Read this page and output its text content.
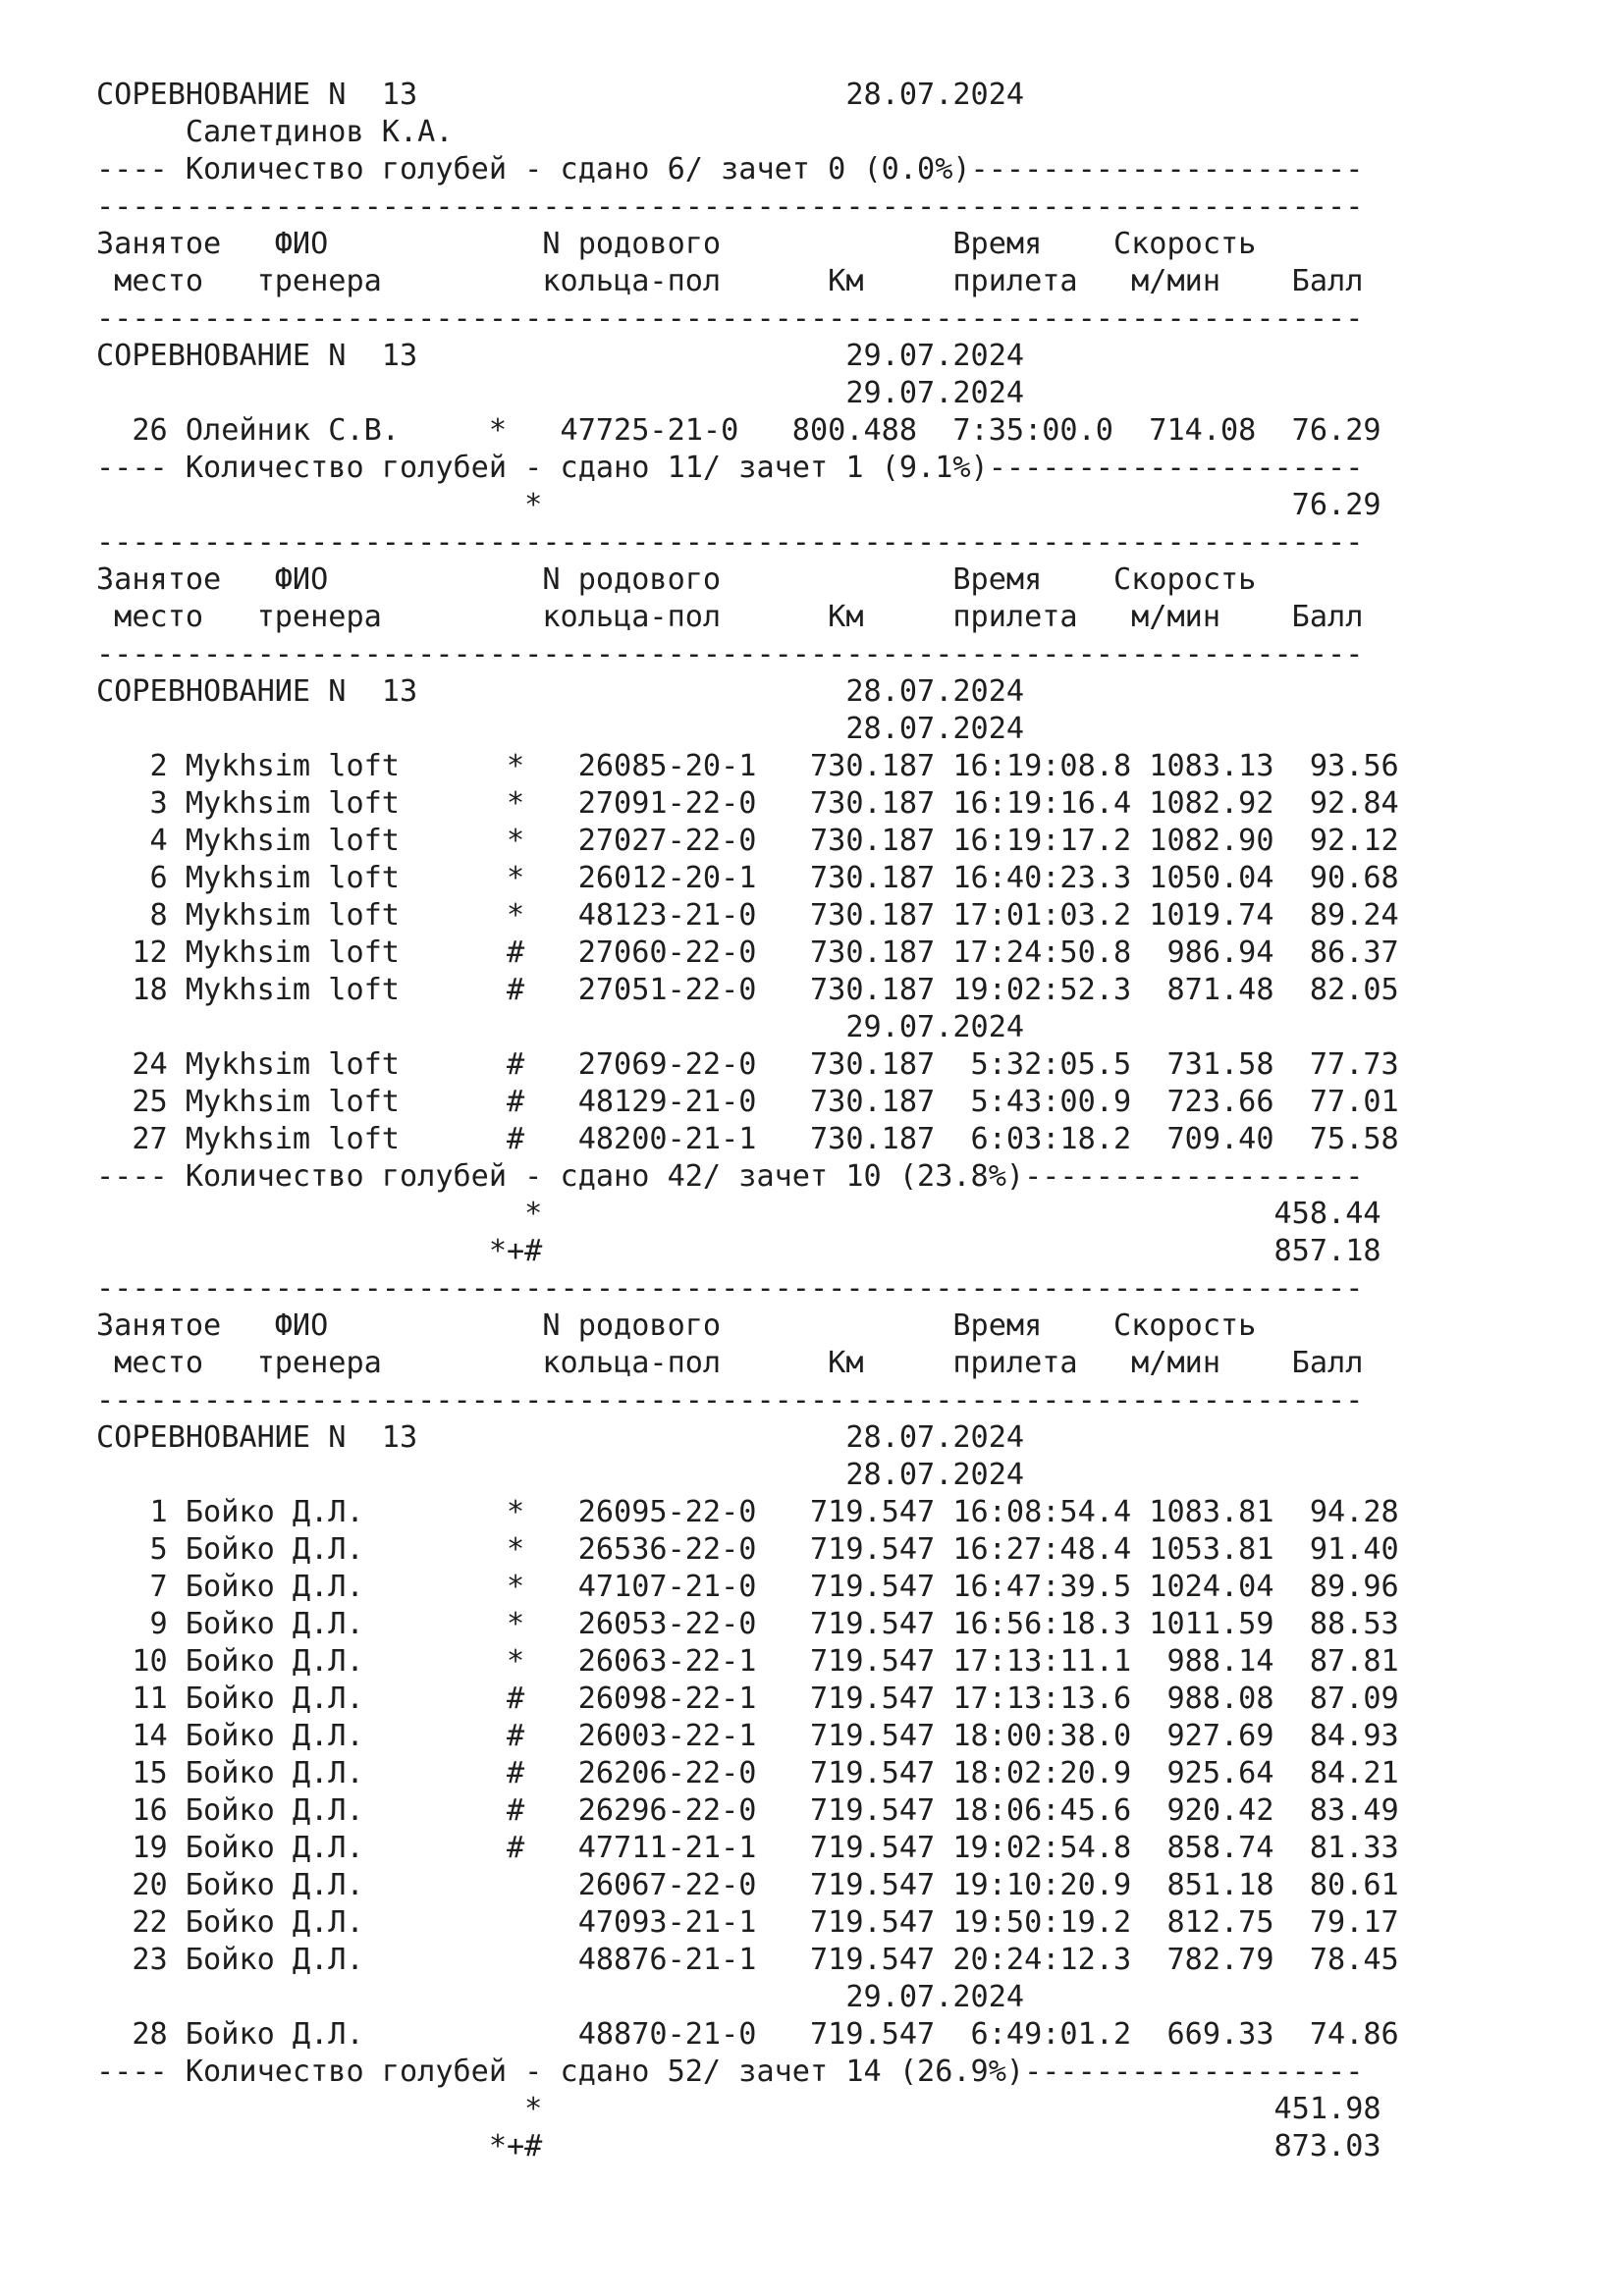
СОРЕВНОВАНИЕ N  13                        28.07.2024
Салетдинов К.А.
---- Количество голубей - сдано 6/ зачет 0 (0.0%)----------------------
-----------------------------------------------------------------------
Занятое   ФИО            N родового             Время    Скорость
место   тренера         кольца-пол      Км     прилета   м/мин    Балл
-----------------------------------------------------------------------
СОРЕВНОВАНИЕ N  13                        29.07.2024
29.07.2024
26 Олейник С.В.     *   47725-21-0   800.488  7:35:00.0  714.08  76.29
---- Количество голубей - сдано 11/ зачет 1 (9.1%)---------------------
*                                          76.29
-----------------------------------------------------------------------
Занятое   ФИО            N родового             Время    Скорость
место   тренера         кольца-пол      Км     прилета   м/мин    Балл
-----------------------------------------------------------------------
СОРЕВНОВАНИЕ N  13                        28.07.2024
28.07.2024
2 Mykhsim loft      *   26085-20-1   730.187 16:19:08.8 1083.13  93.56
3 Mykhsim loft      *   27091-22-0   730.187 16:19:16.4 1082.92  92.84
4 Mykhsim loft      *   27027-22-0   730.187 16:19:17.2 1082.90  92.12
6 Mykhsim loft      *   26012-20-1   730.187 16:40:23.3 1050.04  90.68
8 Mykhsim loft      *   48123-21-0   730.187 17:01:03.2 1019.74  89.24
12 Mykhsim loft      #   27060-22-0   730.187 17:24:50.8  986.94  86.37
18 Mykhsim loft      #   27051-22-0   730.187 19:02:52.3  871.48  82.05
29.07.2024
24 Mykhsim loft      #   27069-22-0   730.187  5:32:05.5  731.58  77.73
25 Mykhsim loft      #   48129-21-0   730.187  5:43:00.9  723.66  77.01
27 Mykhsim loft      #   48200-21-1   730.187  6:03:18.2  709.40  75.58
---- Количество голубей - сдано 42/ зачет 10 (23.8%)-------------------
*                                         458.44
*+#                                         857.18
-----------------------------------------------------------------------
Занятое   ФИО            N родового             Время    Скорость
место   тренера         кольца-пол      Км     прилета   м/мин    Балл
-----------------------------------------------------------------------
СОРЕВНОВАНИЕ N  13                        28.07.2024
28.07.2024
1 Бойко Д.Л.        *   26095-22-0   719.547 16:08:54.4 1083.81  94.28
5 Бойко Д.Л.        *   26536-22-0   719.547 16:27:48.4 1053.81  91.40
7 Бойко Д.Л.        *   47107-21-0   719.547 16:47:39.5 1024.04  89.96
9 Бойко Д.Л.        *   26053-22-0   719.547 16:56:18.3 1011.59  88.53
10 Бойко Д.Л.        *   26063-22-1   719.547 17:13:11.1  988.14  87.81
11 Бойко Д.Л.        #   26098-22-1   719.547 17:13:13.6  988.08  87.09
14 Бойко Д.Л.        #   26003-22-1   719.547 18:00:38.0  927.69  84.93
15 Бойко Д.Л.        #   26206-22-0   719.547 18:02:20.9  925.64  84.21
16 Бойко Д.Л.        #   26296-22-0   719.547 18:06:45.6  920.42  83.49
19 Бойко Д.Л.        #   47711-21-1   719.547 19:02:54.8  858.74  81.33
20 Бойко Д.Л.            26067-22-0   719.547 19:10:20.9  851.18  80.61
22 Бойко Д.Л.            47093-21-1   719.547 19:50:19.2  812.75  79.17
23 Бойко Д.Л.            48876-21-1   719.547 20:24:12.3  782.79  78.45
29.07.2024
28 Бойко Д.Л.            48870-21-0   719.547  6:49:01.2  669.33  74.86
---- Количество голубей - сдано 52/ зачет 14 (26.9%)-------------------
*                                         451.98
*+#                                         873.03
